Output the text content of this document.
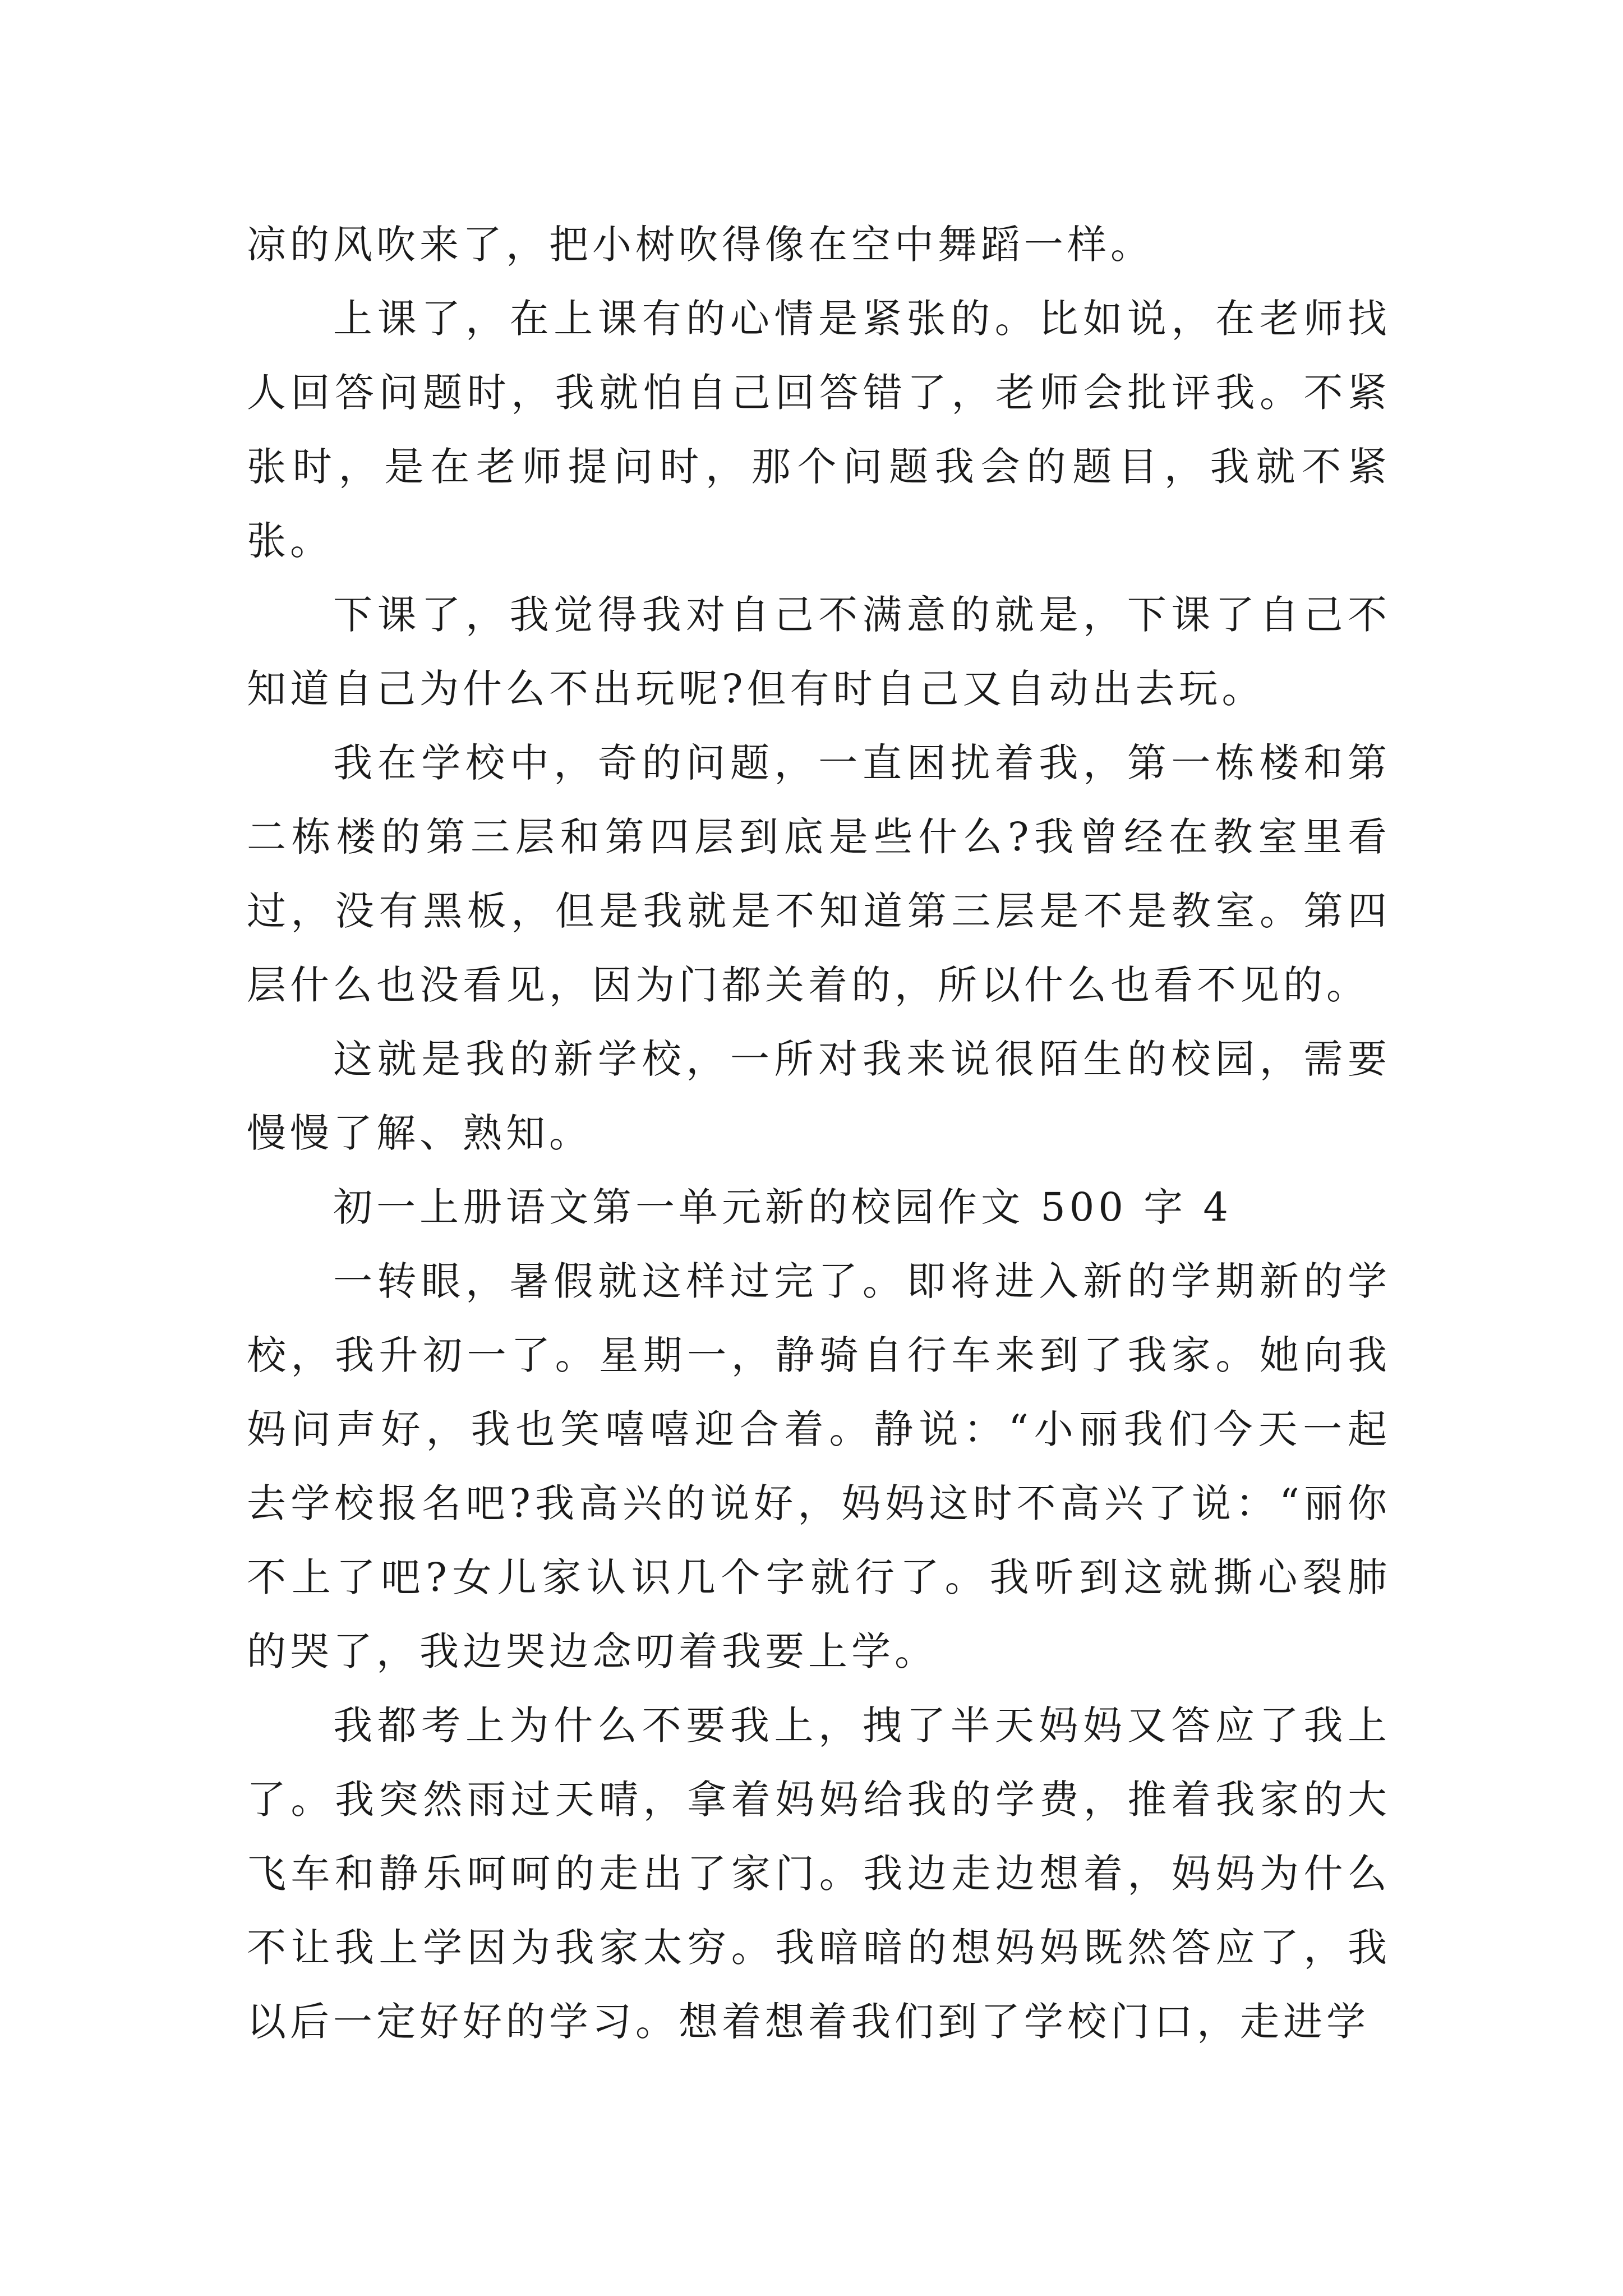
凉的风吹来了，把小树吹得像在空中舞蹈一样。

上课了，在上课有的心情是紧张的。比如说，在老师找人回答问题时，我就怕自己回答错了，老师会批评我。不紧张时，是在老师提问时，那个问题我会的题目，我就不紧张。

下课了，我觉得我对自己不满意的就是，下课了自己不知道自己为什么不出玩呢?但有时自己又自动出去玩。

我在学校中，奇的问题，一直困扰着我，第一栋楼和第二栋楼的第三层和第四层到底是些什么?我曾经在教室里看过，没有黑板，但是我就是不知道第三层是不是教室。第四层什么也没看见，因为门都关着的，所以什么也看不见的。

这就是我的新学校，一所对我来说很陌生的校园，需要慢慢了解、熟知。

初一上册语文第一单元新的校园作文 500 字 4

一转眼，暑假就这样过完了。即将进入新的学期新的学校，我升初一了。星期一，静骑自行车来到了我家。她向我妈问声好，我也笑嘻嘻迎合着。静说：“小丽我们今天一起去学校报名吧?我高兴的说好，妈妈这时不高兴了说：“丽你不上了吧?女儿家认识几个字就行了。我听到这就撕心裂肺的哭了，我边哭边念叨着我要上学。

我都考上为什么不要我上，拽了半天妈妈又答应了我上了。我突然雨过天晴，拿着妈妈给我的学费，推着我家的大飞车和静乐呵呵的走出了家门。我边走边想着，妈妈为什么不让我上学因为我家太穷。我暗暗的想妈妈既然答应了，我以后一定好好的学习。想着想着我们到了学校门口，走进学
